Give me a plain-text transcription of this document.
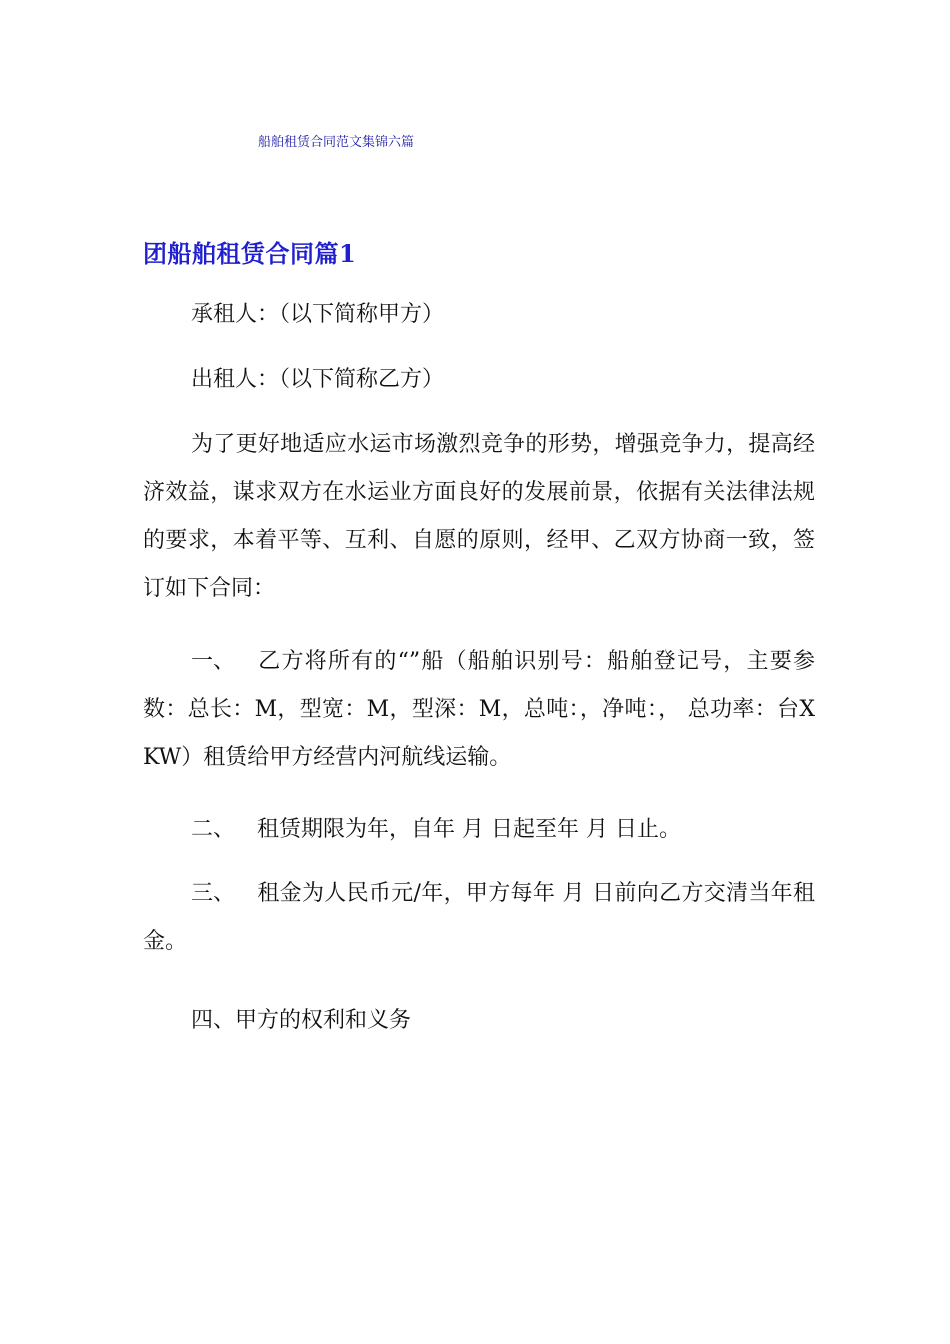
船舶租赁合同范文集锦六篇
团船舶租赁合同篇1

承租人：（以下简称甲方）

出租人：（以下简称乙方）

为了更好地适应水运市场激烈竞争的形势，增强竞争力，提高经济效益，谋求双方在水运业方面良好的发展前景，依据有关法律法规的要求，本着平等、互利、自愿的原则，经甲、乙双方协商一致，签订如下合同：

一、 乙方将所有的“”船（船舶识别号：船舶登记号，主要参数：总长：M，型宽：M，型深：M，总吨：，净吨：， 总功率：台X KW）租赁给甲方经营内河航线运输。

二、 租赁期限为年，自年 月 日起至年 月 日止。

三、 租金为人民币元/年，甲方每年 月 日前向乙方交清当年租金。

四、甲方的权利和义务
